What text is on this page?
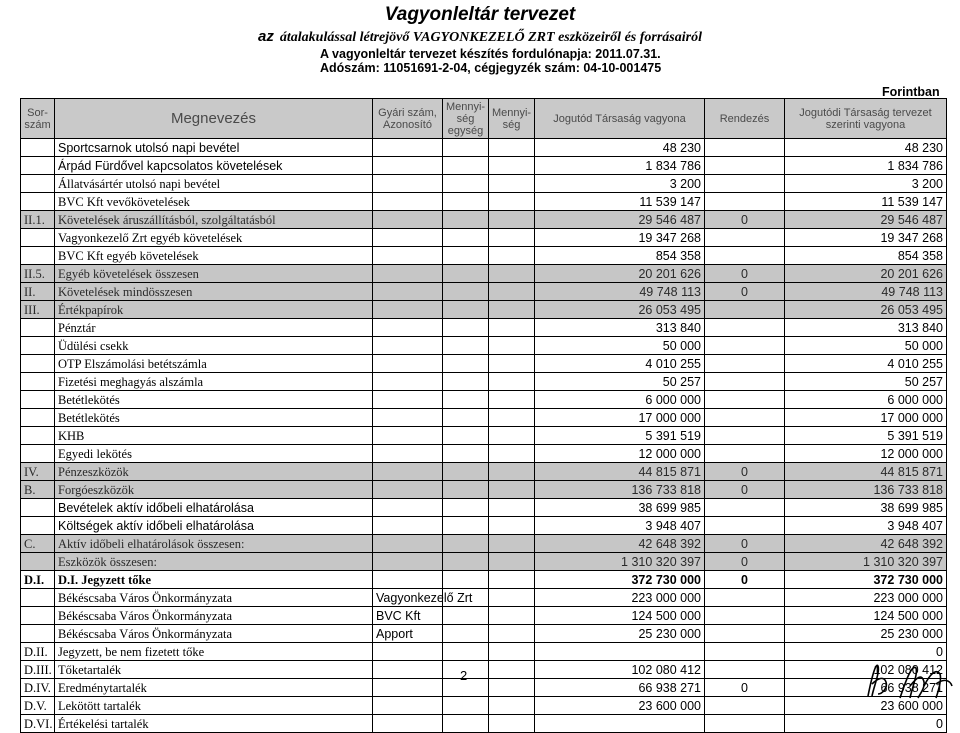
Vagyonleltár tervezet
az átalakulással létrejövő VAGYONKEZELŐ ZRT eszközeiről és forrásairól
A vagyonleltár tervezet készítés fordulónapja: 2011.07.31.
Adószám: 11051691-2-04, cégjegyzék szám: 04-10-001475
Forintban
Sor-szám	Megnevezés	Gyári szám, Azonosító	Mennyi-ség egység	Mennyi-ség	Jogutód Társaság vagyona	Rendezés	Jogutódi Társaság tervezet szerinti vagyona
	Sportcsarnok utolsó napi bevétel				48 230		48 230
	Árpád Fürdővel kapcsolatos követelések				1 834 786		1 834 786
	Állatvásártér utolsó napi bevétel				3 200		3 200
	BVC Kft vevőkövetelések				11 539 147		11 539 147
II.1.	Követelések áruszállításból, szolgáltatásból				29 546 487	0	29 546 487
	Vagyonkezelő Zrt egyéb követelések				19 347 268		19 347 268
	BVC Kft egyéb követelések				854 358		854 358
II.5.	Egyéb követelések összesen				20 201 626	0	20 201 626
II.	Követelések mindösszesen				49 748 113	0	49 748 113
III.	Értékpapírok				26 053 495		26 053 495
	Pénztár				313 840		313 840
	Üdülési csekk				50 000		50 000
	OTP Elszámolási betétszámla				4 010 255		4 010 255
	Fizetési meghagyás alszámla				50 257		50 257
	Betétlekötés				6 000 000		6 000 000
	Betétlekötés				17 000 000		17 000 000
	KHB				5 391 519		5 391 519
	Egyedi lekötés				12 000 000		12 000 000
IV.	Pénzeszközök				44 815 871	0	44 815 871
B.	Forgóeszközök				136 733 818	0	136 733 818
	Bevételek aktív időbeli elhatárolása				38 699 985		38 699 985
	Költségek aktív időbeli elhatárolása				3 948 407		3 948 407
C.	Aktív időbeli elhatárolások összesen:				42 648 392	0	42 648 392
	Eszközök összesen:				1 310 320 397	0	1 310 320 397
D.I.	D.I. Jegyzett tőke				372 730 000	0	372 730 000
	Békéscsaba Város Önkormányzata	Vagyonkezelő Zrt			223 000 000		223 000 000
	Békéscsaba Város Önkormányzata	BVC Kft			124 500 000		124 500 000
	Békéscsaba Város Önkormányzata	Apport			25 230 000		25 230 000
D.II.	Jegyzett, be nem fizetett tőke						0
D.III.	Tőketartalék				102 080 412		102 080 412
D.IV.	Eredménytartalék				66 938 271	0	66 938 271
D.V.	Lekötött tartalék				23 600 000		23 600 000
D.VI.	Értékelési tartalék						0
2
